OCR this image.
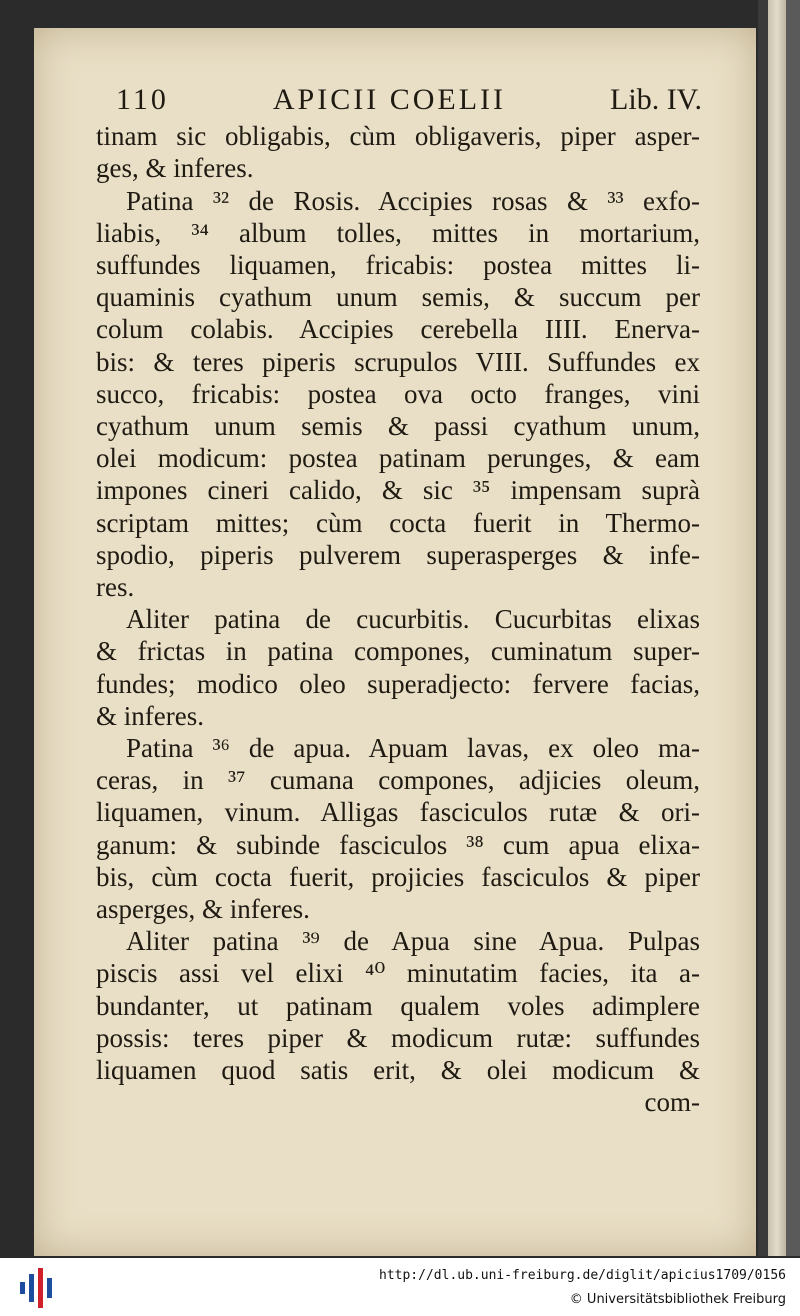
110	APICII COELII	Lib. IV.
tinam sic obligabis, cùm obligaveris, piper asper-
ges, & inferes.
Patina ³² de Rosis. Accipies rosas & ³³ exfo-
liabis, ³⁴ album tolles, mittes in mortarium,
suffundes liquamen, fricabis: postea mittes li-
quaminis cyathum unum semis, & succum per
colum colabis. Accipies cerebella IIII. Enerva-
bis: & teres piperis scrupulos VIII. Suffundes ex
succo, fricabis: postea ova octo franges, vini
cyathum unum semis & passi cyathum unum,
olei modicum: postea patinam perunges, & eam
impones cineri calido, & sic ³⁵ impensam suprà
scriptam mittes; cùm cocta fuerit in Thermo-
spodio, piperis pulverem superasperges & infe-
res.
Aliter patina de cucurbitis. Cucurbitas elixas
& frictas in patina compones, cuminatum super-
fundes; modico oleo superadjecto: fervere facias,
& inferes.
Patina ³⁶ de apua. Apuam lavas, ex oleo ma-
ceras, in ³⁷ cumana compones, adjicies oleum,
liquamen, vinum. Alligas fasciculos rutæ & ori-
ganum: & subinde fasciculos ³⁸ cum apua elixa-
bis, cùm cocta fuerit, projicies fasciculos & piper
asperges, & inferes.
Aliter patina ³⁹ de Apua sine Apua. Pulpas
piscis assi vel elixi ⁴⁰ minutatim facies, ita a-
bundanter, ut patinam qualem voles adimplere
possis: teres piper & modicum rutæ: suffundes
liquamen quod satis erit, & olei modicum &
com-
http://dl.ub.uni-freiburg.de/diglit/apicius1709/0156
© Universitätsbibliothek Freiburg
